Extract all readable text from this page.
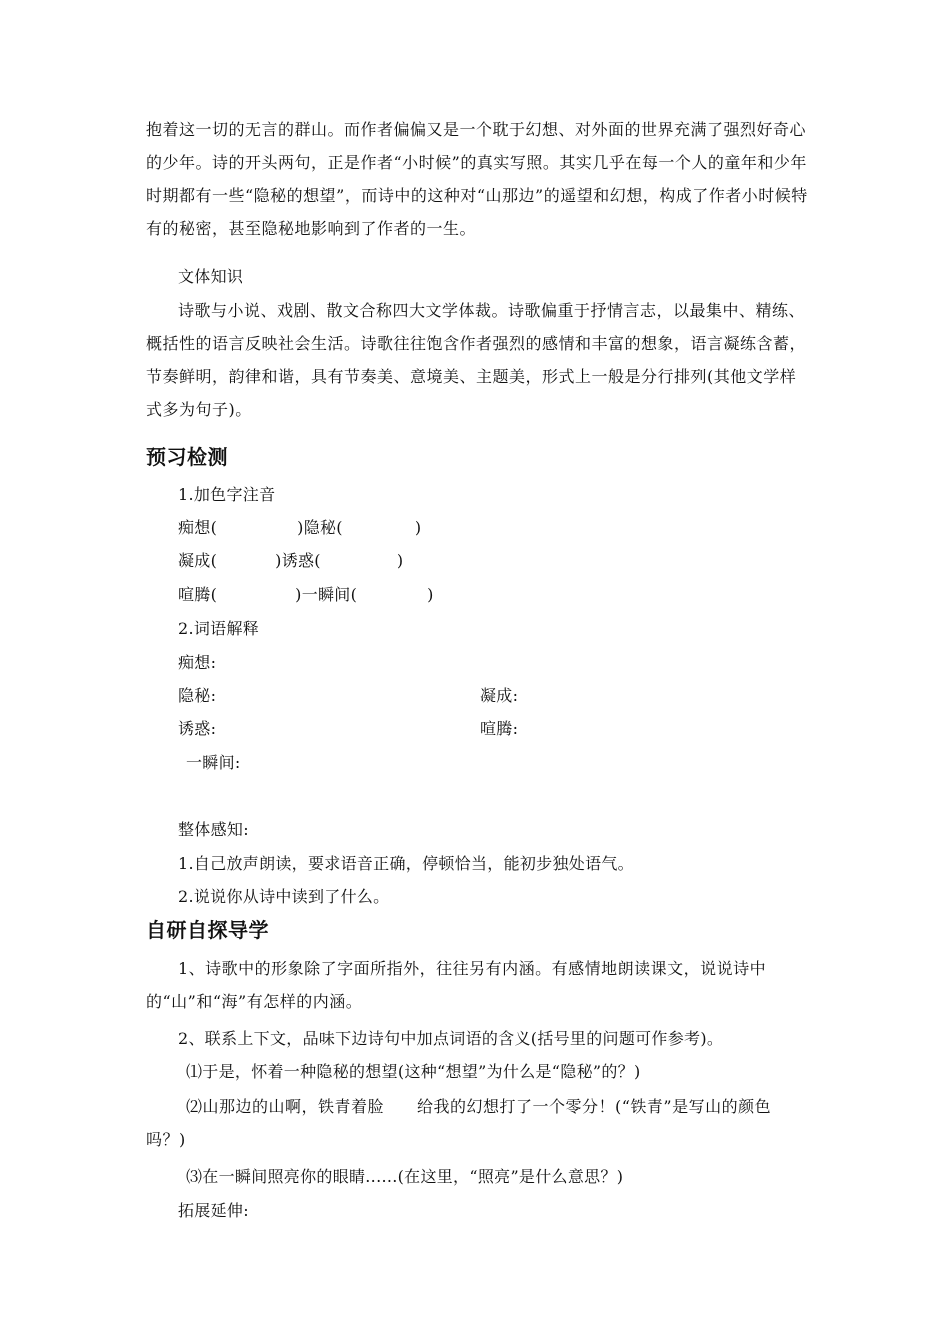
抱着这一切的无言的群山。而作者偏偏又是一个耽于幻想、对外面的世界充满了强烈好奇心的少年。诗的开头两句，正是作者“小时候”的真实写照。其实几乎在每一个人的童年和少年时期都有一些“隐秘的想望”，而诗中的这种对“山那边”的遥望和幻想，构成了作者小时候特有的秘密，甚至隐秘地影响到了作者的一生。

文体知识

诗歌与小说、戏剧、散文合称四大文学体裁。诗歌偏重于抒情言志，以最集中、精练、概括性的语言反映社会生活。诗歌往往饱含作者强烈的感情和丰富的想象，语言凝练含蓄，节奏鲜明，韵律和谐，具有节奏美、意境美、主题美，形式上一般是分行排列(其他文学样式多为句子)。

预习检测

1.加色字注音

痴想(	)隐秘(	)

凝成(	)诱惑(	)

喧腾(	)一瞬间(	)

2.词语解释

痴想:

隐秘:	凝成:

诱惑:	喧腾:

一瞬间:

整体感知:

1.自己放声朗读，要求语音正确，停顿恰当，能初步独处语气。

2.说说你从诗中读到了什么。

自研自探导学

1、诗歌中的形象除了字面所指外，往往另有内涵。有感情地朗读课文，说说诗中的“山”和“海”有怎样的内涵。

2、联系上下文，品味下边诗句中加点词语的含义(括号里的问题可作参考)。

⑴于是，怀着一种隐秘的想望(这种“想望”为什么是“隐秘”的？)

⑵山那边的山啊，铁青着脸　　给我的幻想打了一个零分！(“铁青”是写山的颜色吗？)

⑶在一瞬间照亮你的眼睛......(在这里，“照亮”是什么意思？)

拓展延伸:
